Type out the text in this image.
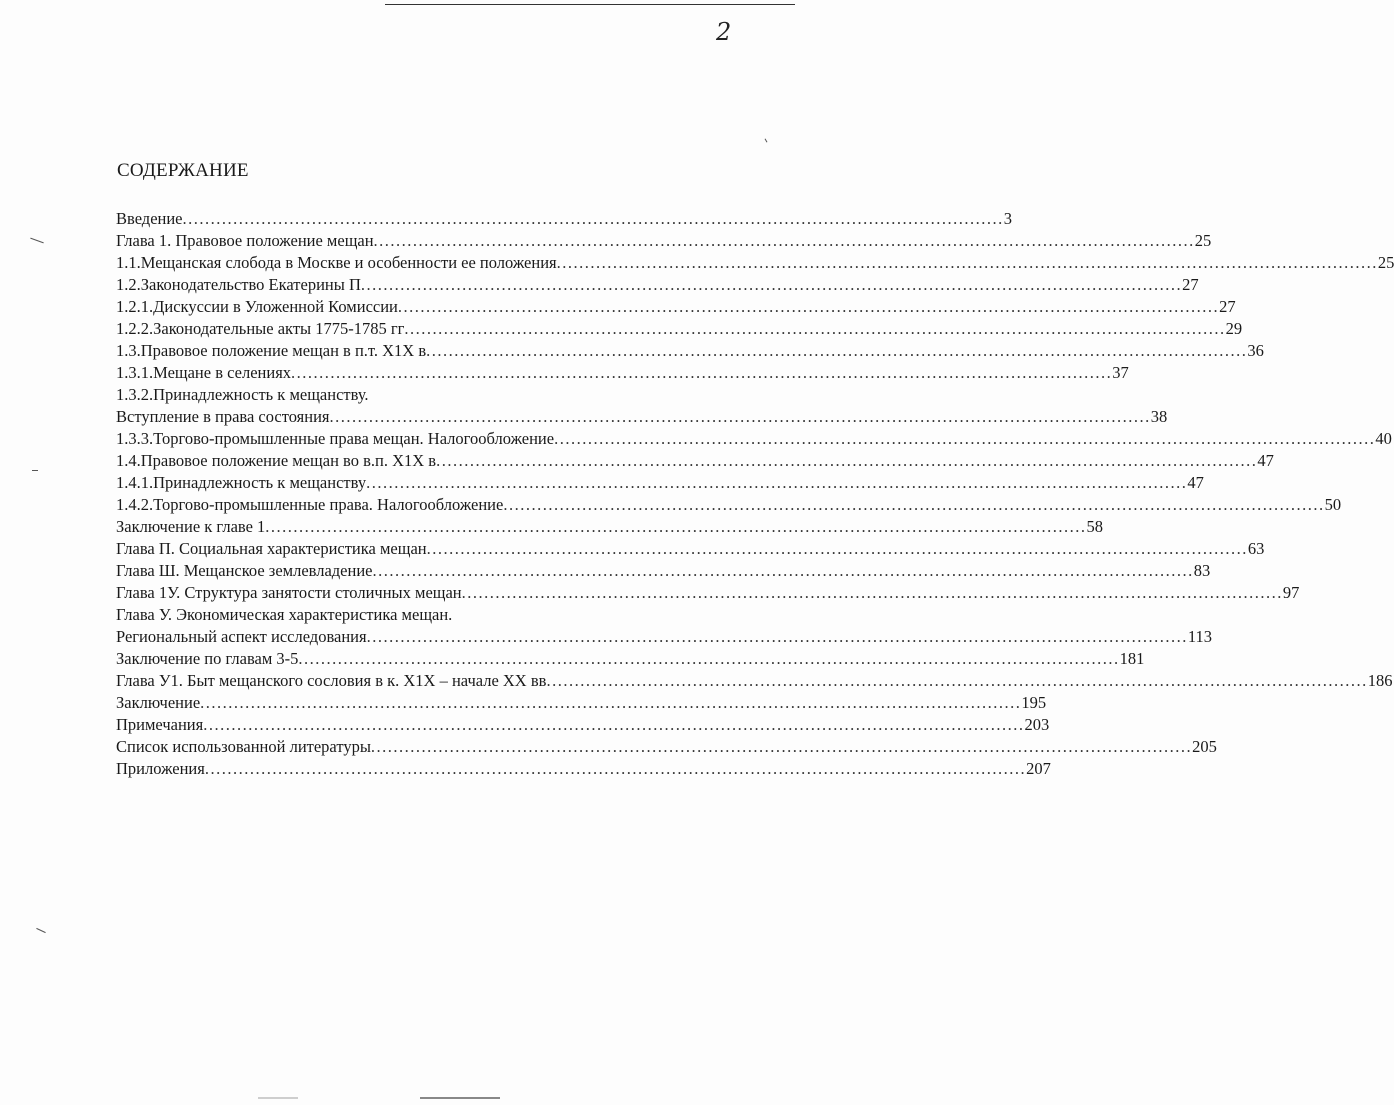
2
СОДЕРЖАНИЕ
Введение .....	3
Глава 1. Правовое положение мещан .....	25
1.1.Мещанская слобода в Москве и особенности ее положения .....	25
1.2.Законодательство Екатерины П .....	27
1.2.1.Дискуссии в Уложенной Комиссии .....	27
1.2.2.Законодательные акты 1775-1785 гг .....	29
1.3.Правовое положение мещан в п.т. Х1Х в .....	36
1.3.1.Мещане в селениях .....	37
1.3.2.Принадлежность к мещанству.
Вступление в права состояния .....	38
1.3.3.Торгово-промышленные права мещан. Налогообложение .....	40
1.4.Правовое положение мещан во в.п. Х1Х в .....	47
1.4.1.Принадлежность к мещанству .....	47
1.4.2.Торгово-промышленные права. Налогообложение .....	50
Заключение к главе 1 .....	58
Глава П. Социальная характеристика мещан .....	63
Глава Ш. Мещанское землевладение .....	83
Глава 1У. Структура занятости столичных мещан .....	97
Глава У. Экономическая характеристика мещан.
Региональный аспект исследования .....	113
Заключение по главам 3-5 .....	181
Глава У1. Быт мещанского сословия в к. Х1Х – начале ХХ вв .....	186
Заключение .....	195
Примечания .....	203
Список использованной литературы .....	205
Приложения .....	207
